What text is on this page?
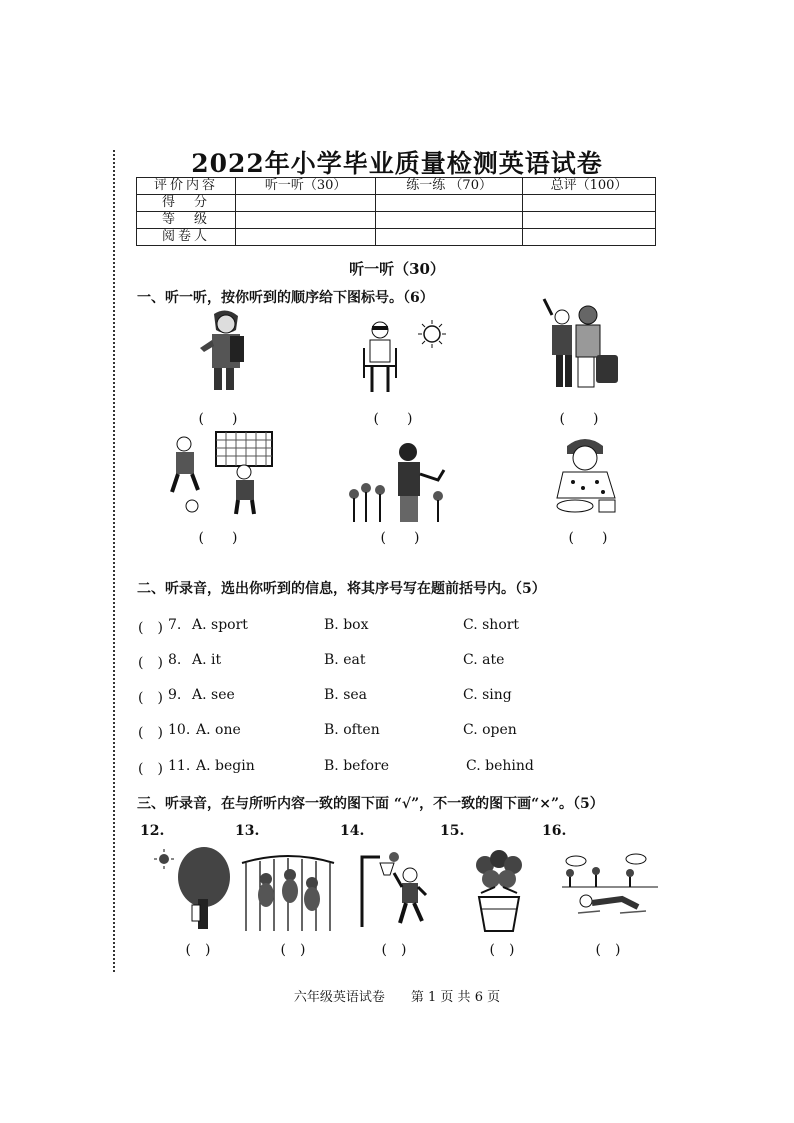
2022年小学毕业质量检测英语试卷
评价内容	听一听（30）	练一练 （70）	总评（100）
得　分			
等　级			
阅卷人			
听一听（30）
一、听一听，按你听到的顺序给下图标号。（6）
(　　)	(　　)	(　　)
(　　)	(　　)	(　　)
二、听录音，选出你听到的信息，将其序号写在题前括号内。（5）
(　) 7. A. sport	B. box	C. short
(　) 8. A. it	B. eat	C. ate
(　) 9. A. see	B. sea	C. sing
(　) 10. A. one	B. often	C. open
(　) 11. A. begin	B. before	C. behind
三、听录音，在与所听内容一致的图下面 “√”，不一致的图下画“×”。（5）
12.	13.	14.	15.	16.
(　)	(　)	(　)	(　)	(　)
六年级英语试卷　　第 1 页 共 6 页
